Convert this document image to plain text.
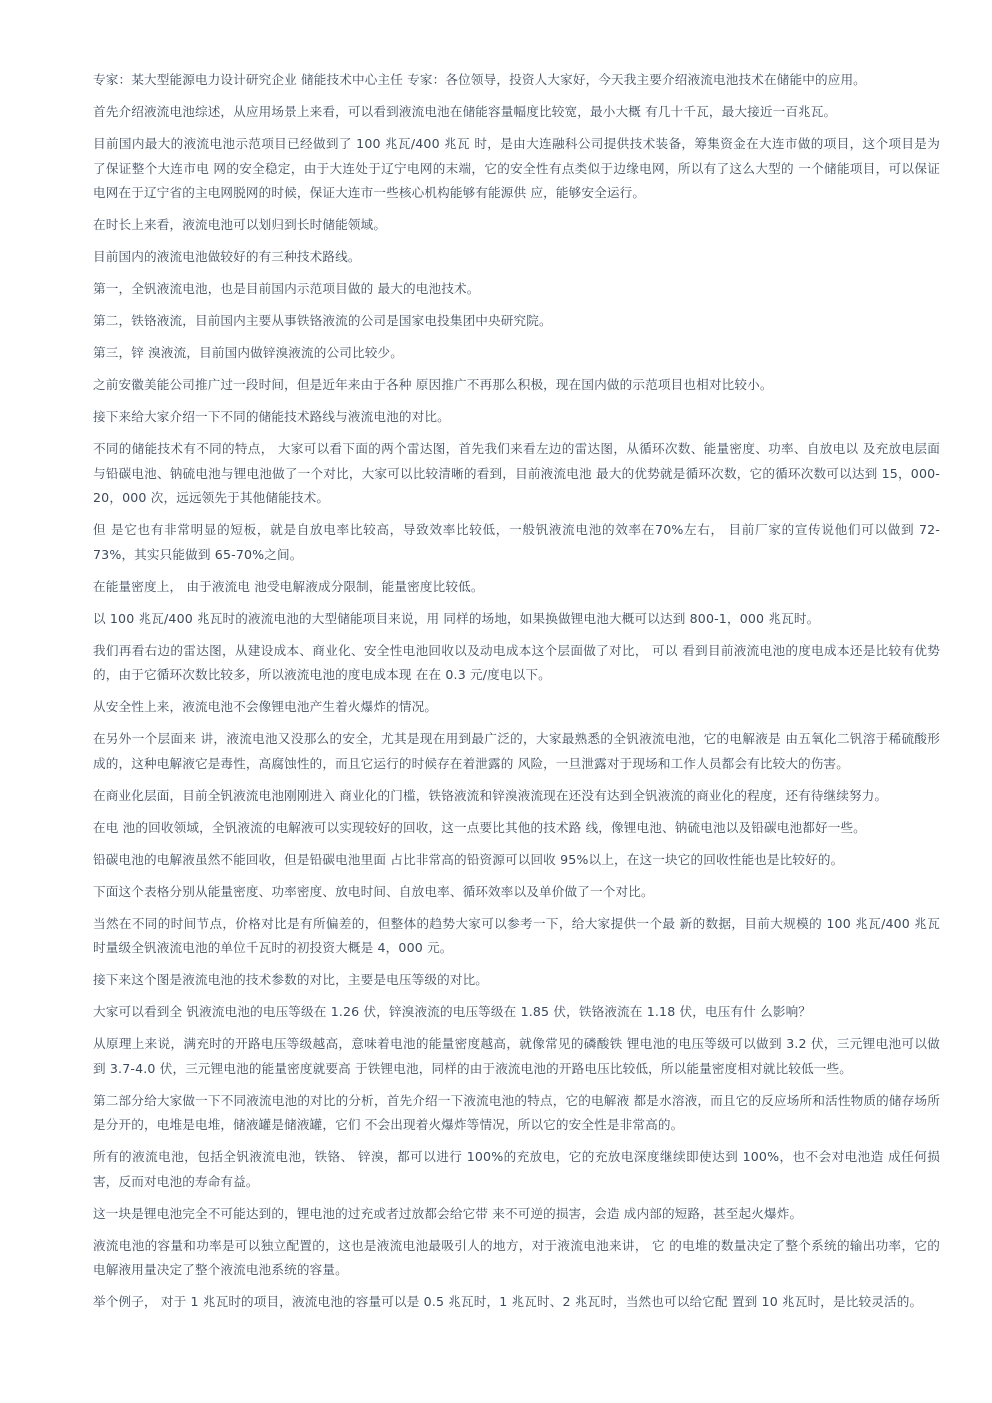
专家：某大型能源电力设计研究企业 储能技术中心主任 专家：各位领导，投资人大家好，今天我主要介绍液流电池技术在储能中的应用。

首先介绍液流电池综述，从应用场景上来看，可以看到液流电池在储能容量幅度比较宽，最小大概 有几十千瓦，最大接近一百兆瓦。

目前国内最大的液流电池示范项目已经做到了 100 兆瓦/400 兆瓦 时，是由大连融科公司提供技术装备，筹集资金在大连市做的项目，这个项目是为了保证整个大连市电 网的安全稳定，由于大连处于辽宁电网的末端，它的安全性有点类似于边缘电网，所以有了这么大型的 一个储能项目，可以保证电网在于辽宁省的主电网脱网的时候，保证大连市一些核心机构能够有能源供 应，能够安全运行。

在时长上来看，液流电池可以划归到长时储能领域。

目前国内的液流电池做较好的有三种技术路线。

第一，全钒液流电池，也是目前国内示范项目做的 最大的电池技术。

第二，铁铬液流，目前国内主要从事铁铬液流的公司是国家电投集团中央研究院。

第三，锌 溴液流，目前国内做锌溴液流的公司比较少。

之前安徽美能公司推广过一段时间，但是近年来由于各种 原因推广不再那么积极，现在国内做的示范项目也相对比较小。

接下来给大家介绍一下不同的储能技术路线与液流电池的对比。

不同的储能技术有不同的特点， 大家可以看下面的两个雷达图，首先我们来看左边的雷达图，从循环次数、能量密度、功率、自放电以 及充放电层面与铅碳电池、钠硫电池与锂电池做了一个对比，大家可以比较清晰的看到，目前液流电池 最大的优势就是循环次数，它的循环次数可以达到 15，000-20，000 次，远远领先于其他储能技术。

但 是它也有非常明显的短板，就是自放电率比较高，导致效率比较低，一般钒液流电池的效率在70%左右， 目前厂家的宣传说他们可以做到 72-73%，其实只能做到 65-70%之间。

在能量密度上， 由于液流电 池受电解液成分限制，能量密度比较低。

以 100 兆瓦/400 兆瓦时的液流电池的大型储能项目来说，用 同样的场地，如果换做锂电池大概可以达到 800-1，000 兆瓦时。

我们再看右边的雷达图，从建设成本、商业化、安全性电池回收以及动电成本这个层面做了对比， 可以 看到目前液流电池的度电成本还是比较有优势的，由于它循环次数比较多，所以液流电池的度电成本现 在在 0.3 元/度电以下。

从安全性上来，液流电池不会像锂电池产生着火爆炸的情况。

在另外一个层面来 讲，液流电池又没那么的安全，尤其是现在用到最广泛的，大家最熟悉的全钒液流电池，它的电解液是 由五氧化二钒溶于稀硫酸形成的，这种电解液它是毒性，高腐蚀性的，而且它运行的时候存在着泄露的 风险，一旦泄露对于现场和工作人员都会有比较大的伤害。

在商业化层面，目前全钒液流电池刚刚进入 商业化的门槛，铁铬液流和锌溴液流现在还没有达到全钒液流的商业化的程度，还有待继续努力。

在电 池的回收领域，全钒液流的电解液可以实现较好的回收，这一点要比其他的技术路 线，像锂电池、钠硫电池以及铅碳电池都好一些。

铅碳电池的电解液虽然不能回收，但是铅碳电池里面 占比非常高的铅资源可以回收 95%以上，在这一块它的回收性能也是比较好的。

下面这个表格分别从能量密度、功率密度、放电时间、自放电率、循环效率以及单价做了一个对比。

当然在不同的时间节点，价格对比是有所偏差的，但整体的趋势大家可以参考一下，给大家提供一个最 新的数据，目前大规模的 100 兆瓦/400 兆瓦时量级全钒液流电池的单位千瓦时的初投资大概是 4，000 元。

接下来这个图是液流电池的技术参数的对比，主要是电压等级的对比。

大家可以看到全 钒液流电池的电压等级在 1.26 伏，锌溴液流的电压等级在 1.85 伏，铁铬液流在 1.18 伏，电压有什 么影响？

从原理上来说，满充时的开路电压等级越高，意味着电池的能量密度越高，就像常见的磷酸铁 锂电池的电压等级可以做到 3.2 伏，三元锂电池可以做到 3.7-4.0 伏，三元锂电池的能量密度就要高 于铁锂电池，同样的由于液流电池的开路电压比较低，所以能量密度相对就比较低一些。

第二部分给大家做一下不同液流电池的对比的分析，首先介绍一下液流电池的特点，它的电解液 都是水溶液，而且它的反应场所和活性物质的储存场所是分开的，电堆是电堆，储液罐是储液罐，它们 不会出现着火爆炸等情况，所以它的安全性是非常高的。

所有的液流电池，包括全钒液流电池，铁铬、 锌溴，都可以进行 100%的充放电，它的充放电深度继续即使达到 100%，也不会对电池造 成任何损 害，反而对电池的寿命有益。

这一块是锂电池完全不可能达到的，锂电池的过充或者过放都会给它带 来不可逆的损害，会造 成内部的短路，甚至起火爆炸。

液流电池的容量和功率是可以独立配置的，这也是液流电池最吸引人的地方，对于液流电池来讲， 它 的电堆的数量决定了整个系统的输出功率，它的电解液用量决定了整个液流电池系统的容量。

举个例子， 对于 1 兆瓦时的项目，液流电池的容量可以是 0.5 兆瓦时，1 兆瓦时、2 兆瓦时，当然也可以给它配 置到 10 兆瓦时，是比较灵活的。
